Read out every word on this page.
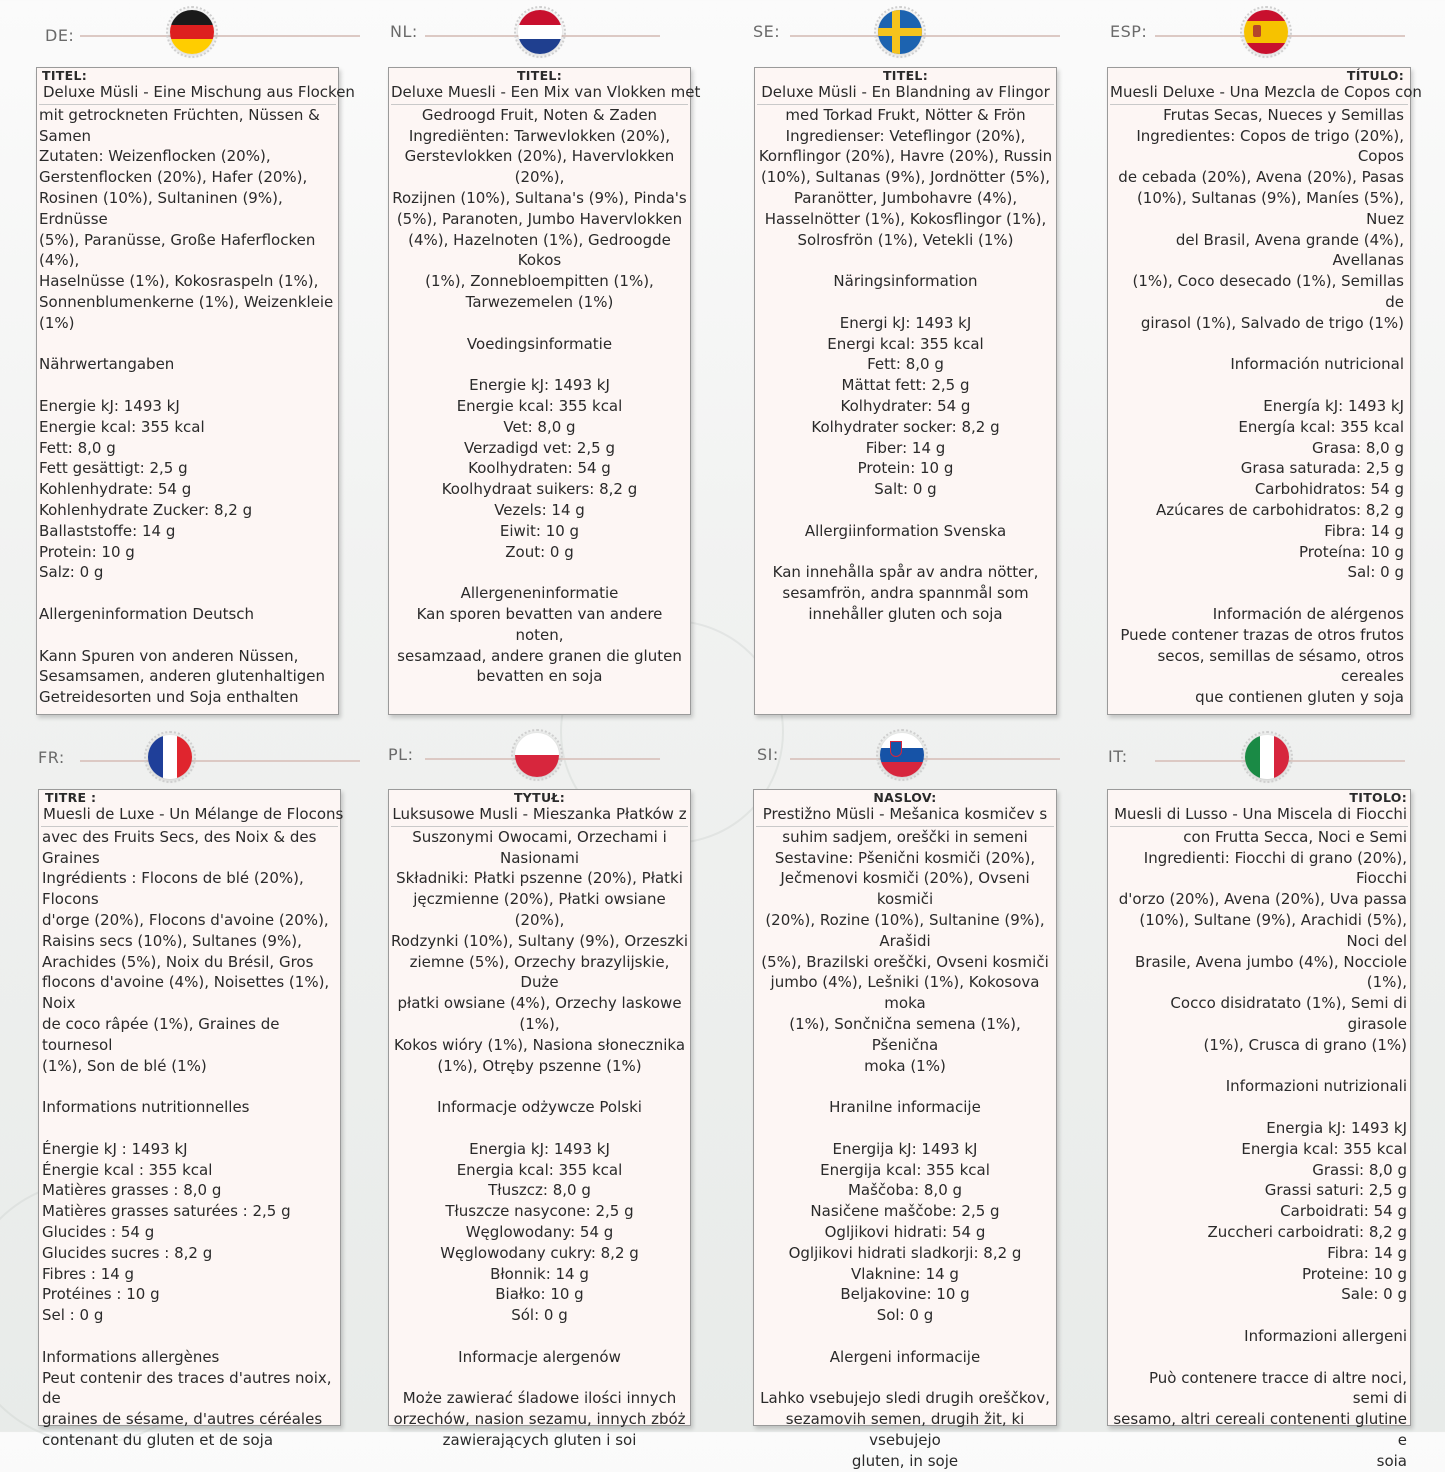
DE:	NL:	SE:	ESP:
TITEL:
Deluxe Müsli - Eine Mischung aus Flocken
mit getrockneten Früchten, Nüssen &
Samen
Zutaten: Weizenflocken (20%),
Gerstenflocken (20%), Hafer (20%),
Rosinen (10%), Sultaninen (9%), Erdnüsse
(5%), Paranüsse, Große Haferflocken (4%),
Haselnüsse (1%), Kokosraspeln (1%),
Sonnenblumenkerne (1%), Weizenkleie
(1%)

Nährwertangaben

Energie kJ: 1493 kJ
Energie kcal: 355 kcal
Fett: 8,0 g
Fett gesättigt: 2,5 g
Kohlenhydrate: 54 g
Kohlenhydrate Zucker: 8,2 g
Ballaststoffe: 14 g
Protein: 10 g
Salz: 0 g

Allergeninformation Deutsch

Kann Spuren von anderen Nüssen,
Sesamsamen, anderen glutenhaltigen
Getreidesorten und Soja enthalten
TITEL:
Deluxe Muesli - Een Mix van Vlokken met
Gedroogd Fruit, Noten & Zaden
Ingrediënten: Tarwevlokken (20%),
Gerstevlokken (20%), Havervlokken (20%),
Rozijnen (10%), Sultana's (9%), Pinda's
(5%), Paranoten, Jumbo Havervlokken
(4%), Hazelnoten (1%), Gedroogde Kokos
(1%), Zonnebloempitten (1%),
Tarwezemelen (1%)

Voedingsinformatie

Energie kJ: 1493 kJ
Energie kcal: 355 kcal
Vet: 8,0 g
Verzadigd vet: 2,5 g
Koolhydraten: 54 g
Koolhydraat suikers: 8,2 g
Vezels: 14 g
Eiwit: 10 g
Zout: 0 g

Allergeneninformatie
Kan sporen bevatten van andere noten,
sesamzaad, andere granen die gluten
bevatten en soja
TITEL:
Deluxe Müsli - En Blandning av Flingor
med Torkad Frukt, Nötter & Frön
Ingredienser: Veteflingor (20%),
Kornflingor (20%), Havre (20%), Russin
(10%), Sultanas (9%), Jordnötter (5%),
Paranötter, Jumbohavre (4%),
Hasselnötter (1%), Kokosflingor (1%),
Solrosfrön (1%), Vetekli (1%)

Näringsinformation

Energi kJ: 1493 kJ
Energi kcal: 355 kcal
Fett: 8,0 g
Mättat fett: 2,5 g
Kolhydrater: 54 g
Kolhydrater socker: 8,2 g
Fiber: 14 g
Protein: 10 g
Salt: 0 g

Allergiinformation Svenska

Kan innehålla spår av andra nötter,
sesamfrön, andra spannmål som
innehåller gluten och soja
TÍTULO:
Muesli Deluxe - Una Mezcla de Copos con
Frutas Secas, Nueces y Semillas
Ingredientes: Copos de trigo (20%), Copos
de cebada (20%), Avena (20%), Pasas
(10%), Sultanas (9%), Maníes (5%), Nuez
del Brasil, Avena grande (4%), Avellanas
(1%), Coco desecado (1%), Semillas de
girasol (1%), Salvado de trigo (1%)

Información nutricional

Energía kJ: 1493 kJ
Energía kcal: 355 kcal
Grasa: 8,0 g
Grasa saturada: 2,5 g
Carbohidratos: 54 g
Azúcares de carbohidratos: 8,2 g
Fibra: 14 g
Proteína: 10 g
Sal: 0 g

Información de alérgenos
Puede contener trazas de otros frutos
secos, semillas de sésamo, otros cereales
que contienen gluten y soja
FR:	PL:	SI:	IT:
TITRE :
Muesli de Luxe - Un Mélange de Flocons
avec des Fruits Secs, des Noix & des
Graines
Ingrédients : Flocons de blé (20%), Flocons
d'orge (20%), Flocons d'avoine (20%),
Raisins secs (10%), Sultanes (9%),
Arachides (5%), Noix du Brésil, Gros
flocons d'avoine (4%), Noisettes (1%), Noix
de coco râpée (1%), Graines de tournesol
(1%), Son de blé (1%)

Informations nutritionnelles

Énergie kJ : 1493 kJ
Énergie kcal : 355 kcal
Matières grasses : 8,0 g
Matières grasses saturées : 2,5 g
Glucides : 54 g
Glucides sucres : 8,2 g
Fibres : 14 g
Protéines : 10 g
Sel : 0 g

Informations allergènes
Peut contenir des traces d'autres noix, de
graines de sésame, d'autres céréales
contenant du gluten et de soja
TYTUŁ:
Luksusowe Musli - Mieszanka Płatków z
Suszonymi Owocami, Orzechami i
Nasionami
Składniki: Płatki pszenne (20%), Płatki
jęczmienne (20%), Płatki owsiane (20%),
Rodzynki (10%), Sultany (9%), Orzeszki
ziemne (5%), Orzechy brazylijskie, Duże
płatki owsiane (4%), Orzechy laskowe (1%),
Kokos wióry (1%), Nasiona słonecznika
(1%), Otręby pszenne (1%)

Informacje odżywcze Polski

Energia kJ: 1493 kJ
Energia kcal: 355 kcal
Tłuszcz: 8,0 g
Tłuszcze nasycone: 2,5 g
Węglowodany: 54 g
Węglowodany cukry: 8,2 g
Błonnik: 14 g
Białko: 10 g
Sól: 0 g

Informacje alergenów

Może zawierać śladowe ilości innych
orzechów, nasion sezamu, innych zbóż
zawierających gluten i soi
NASLOV:
Prestižno Müsli - Mešanica kosmičev s
suhim sadjem, oreščki in semeni
Sestavine: Pšenični kosmiči (20%),
Ječmenovi kosmiči (20%), Ovseni kosmiči
(20%), Rozine (10%), Sultanine (9%), Arašidi
(5%), Brazilski oreščki, Ovseni kosmiči
jumbo (4%), Lešniki (1%), Kokosova moka
(1%), Sončnična semena (1%), Pšenična
moka (1%)

Hranilne informacije

Energija kJ: 1493 kJ
Energija kcal: 355 kcal
Maščoba: 8,0 g
Nasičene maščobe: 2,5 g
Ogljikovi hidrati: 54 g
Ogljikovi hidrati sladkorji: 8,2 g
Vlaknine: 14 g
Beljakovine: 10 g
Sol: 0 g

Alergeni informacije

Lahko vsebujejo sledi drugih oreščkov,
sezamovih semen, drugih žit, ki vsebujejo
gluten, in soje
TITOLO:
Muesli di Lusso - Una Miscela di Fiocchi
con Frutta Secca, Noci e Semi
Ingredienti: Fiocchi di grano (20%), Fiocchi
d'orzo (20%), Avena (20%), Uva passa
(10%), Sultane (9%), Arachidi (5%), Noci del
Brasile, Avena jumbo (4%), Nocciole (1%),
Cocco disidratato (1%), Semi di girasole
(1%), Crusca di grano (1%)

Informazioni nutrizionali

Energia kJ: 1493 kJ
Energia kcal: 355 kcal
Grassi: 8,0 g
Grassi saturi: 2,5 g
Carboidrati: 54 g
Zuccheri carboidrati: 8,2 g
Fibra: 14 g
Proteine: 10 g
Sale: 0 g

Informazioni allergeni

Può contenere tracce di altre noci, semi di
sesamo, altri cereali contenenti glutine e
soia
